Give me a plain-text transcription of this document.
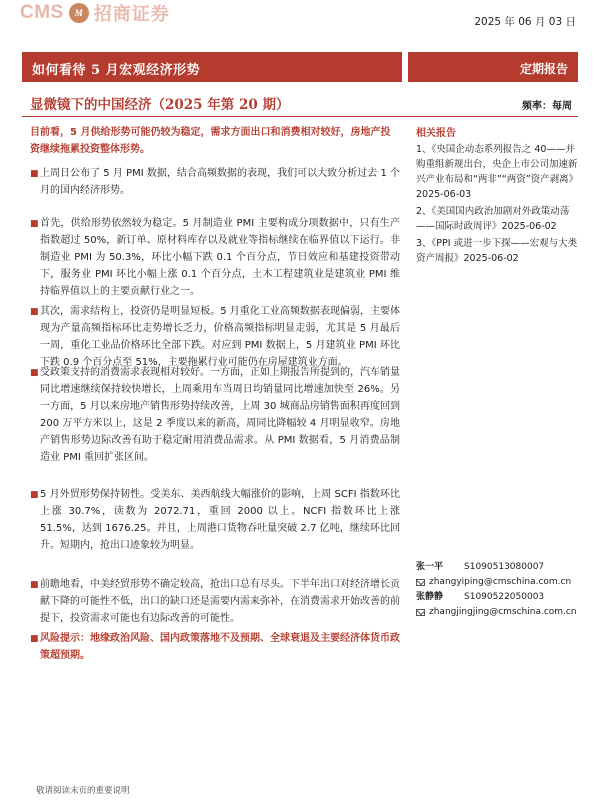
CMS	M 招商证券	2025 年 06 月 03 日
如何看待 5 月宏观经济形势	定期报告
显微镜下的中国经济（2025 年第 20 期）	频率：每周
目前看，5 月供给形势可能仍较为稳定，需求方面出口和消费相对较好，房地产投资继续拖累投资整体形势。
■ 上周日公布了 5 月 PMI 数据，结合高频数据的表现，我们可以大致分析过去 1 个月的国内经济形势。
■ 首先，供给形势依然较为稳定。5 月制造业 PMI 主要构成分项数据中，只有生产指数超过 50%，新订单、原材料库存以及就业等指标继续在临界值以下运行。非制造业 PMI 为 50.3%，环比小幅下跌 0.1 个百分点，节日效应和基建投资带动下，服务业 PMI 环比小幅上涨 0.1 个百分点，土木工程建筑业是建筑业 PMI 维持临界值以上的主要贡献行业之一。
■ 其次，需求结构上，投资仍是明显短板。5 月重化工业高频数据表现偏弱，主要体现为产量高频指标环比走势增长乏力，价格高频指标明显走弱，尤其是 5 月最后一周，重化工业品价格环比全部下跌。对应到 PMI 数据上，5 月建筑业 PMI 环比下跌 0.9 个百分点至 51%，主要拖累行业可能仍在房屋建筑业方面。
■ 受政策支持的消费需求表现相对较好。一方面，正如上期报告所提到的，汽车销量同比增速继续保持较快增长，上周乘用车当周日均销量同比增速加快至 26%。另一方面，5 月以来房地产销售形势持续改善，上周 30 城商品房销售面积再度回到 200 万平方米以上，这是 2 季度以来的新高，周同比降幅较 4 月明显收窄。房地产销售形势边际改善有助于稳定耐用消费品需求。从 PMI 数据看，5 月消费品制造业 PMI 重回扩张区间。
■ 5 月外贸形势保持韧性。受美东、美西航线大幅涨价的影响，上周 SCFI 指数环比上涨 30.7%，读数为 2072.71，重回 2000 以上。NCFI 指数环比上涨 51.5%，达到 1676.25。并且，上周港口货物吞吐量突破 2.7 亿吨，继续环比回升。短期内，抢出口迹象较为明显。
■ 前瞻地看，中美经贸形势不确定较高，抢出口总有尽头。下半年出口对经济增长贡献下降的可能性不低，出口的缺口还是需要内需来弥补，在消费需求开始改善的前提下，投资需求可能也有边际改善的可能性。
■ 风险提示：地缘政治风险、国内政策落地不及预期、全球衰退及主要经济体货币政策超预期。
相关报告
1、《央国企动态系列报告之 40——并购重组新规出台，央企上市公司加速新兴产业布局和“两非”“两资”资产剥离》2025-06-03
2、《美国国内政治加剧对外政策动荡——国际时政周评》2025-06-02
3、《PPI 或进一步下探——宏观与大类资产周报》2025-06-02
张一平	S1090513080007
zhangyiping@cmschina.com.cn
张静静	S1090522050003
zhangjingjing@cmschina.com.cn
敬请阅读末页的重要说明
